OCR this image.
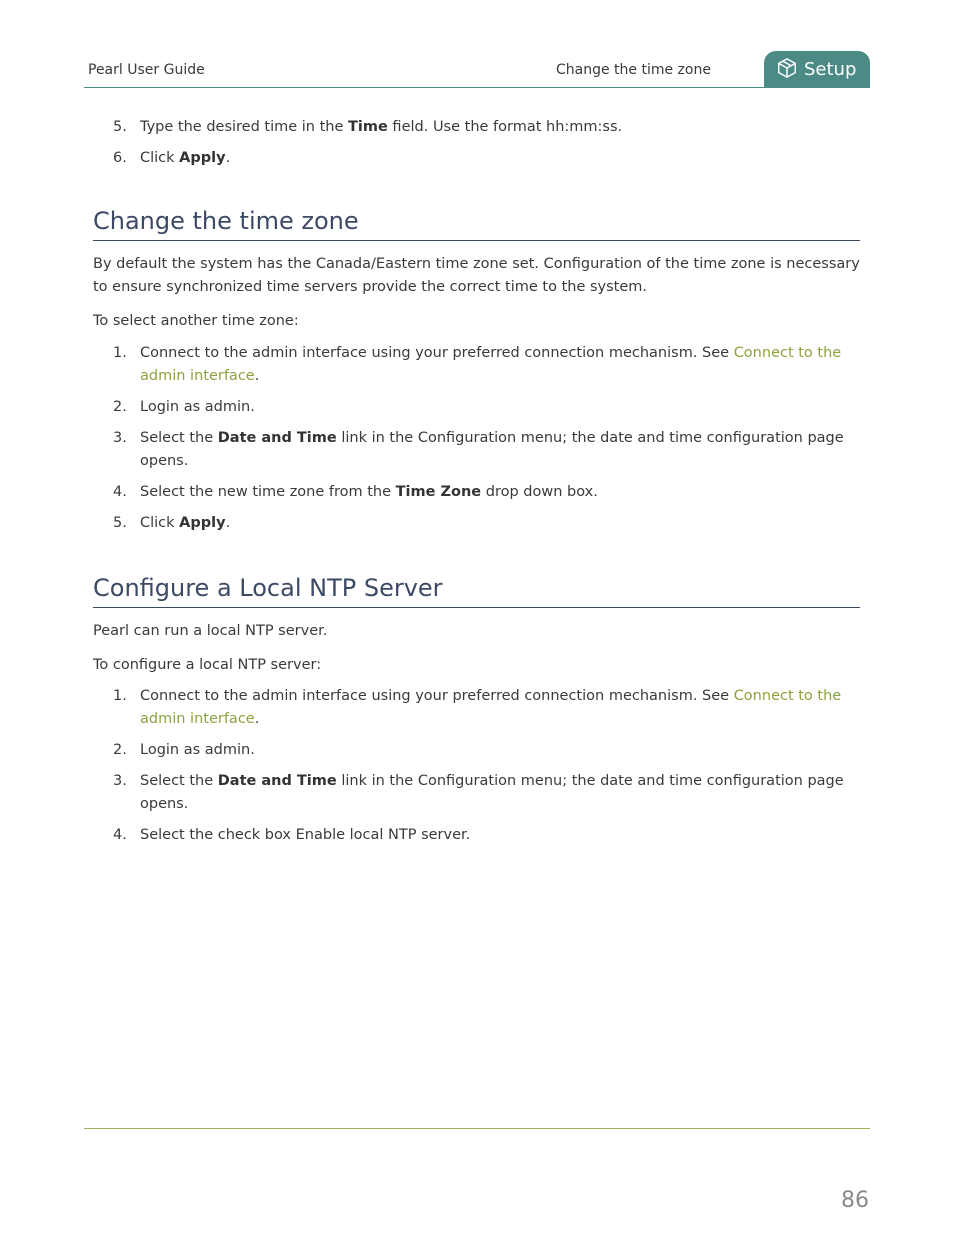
Pearl User Guide	Change the time zone	Setup
5. Type the desired time in the Time field. Use the format hh:mm:ss.
6. Click Apply.
Change the time zone

By default the system has the Canada/Eastern time zone set. Configuration of the time zone is necessary to ensure synchronized time servers provide the correct time to the system.

To select another time zone:

1. Connect to the admin interface using your preferred connection mechanism. See Connect to the admin interface.
2. Login as admin.
3. Select the Date and Time link in the Configuration menu; the date and time configuration page opens.
4. Select the new time zone from the Time Zone drop down box.
5. Click Apply.
Configure a Local NTP Server

Pearl can run a local NTP server.

To configure a local NTP server:

1. Connect to the admin interface using your preferred connection mechanism. See Connect to the admin interface.
2. Login as admin.
3. Select the Date and Time link in the Configuration menu; the date and time configuration page opens.
4. Select the check box Enable local NTP server.
86
